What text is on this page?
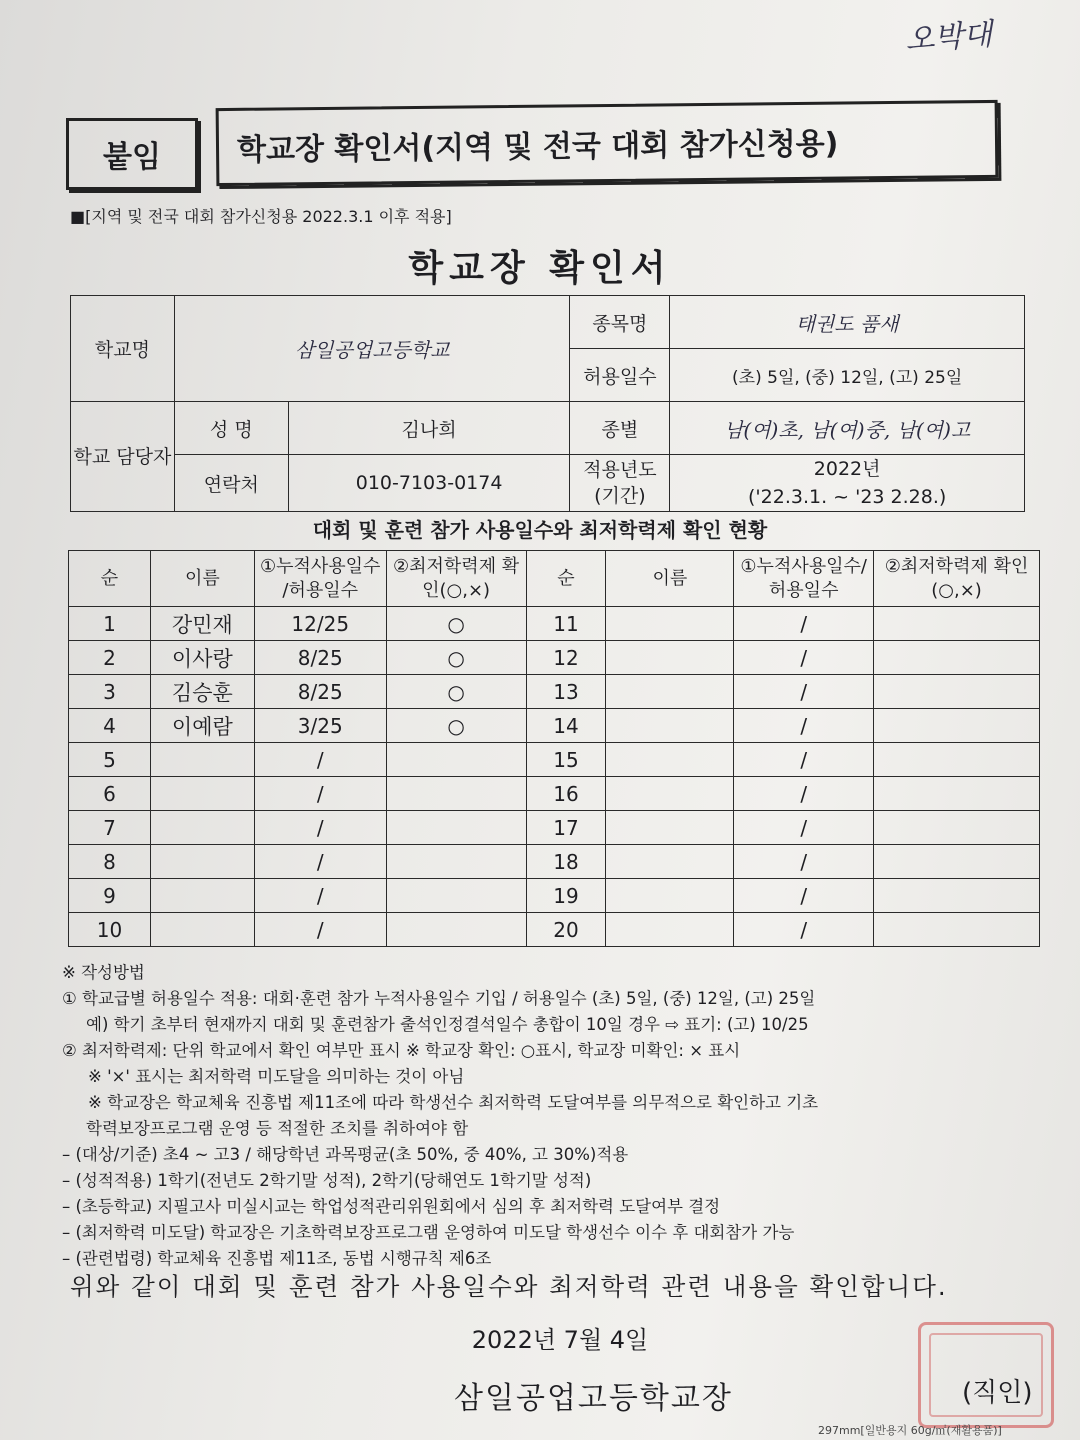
오박대
붙임	학교장 확인서(지역 및 전국 대회 참가신청용)
■[지역 및 전국 대회 참가신청용 2022.3.1 이후 적용]
학교장 확인서
학교명	삼일공업고등학교		종목명	태권도 품새
			허용일수	(초) 5일, (중) 12일, (고) 25일
학교 담당자	성 명	김나희	종별	남(여)초, 남(여)중, 남(여)고
	연락처	010-7103-0174	적용년도 (기간)	2022년
('22.3.1. ~ '23 2.28.)
대회 및 훈련 참가 사용일수와 최저학력제 확인 현황
순	이름	①누적사용일수 /허용일수	②최저학력제 확인(○,×)	순	이름	①누적사용일수/허용일수	②최저학력제 확인(○,×)
1	강민재	12/25	○	11		/	
2	이사랑	8/25	○	12		/	
3	김승훈	8/25	○	13		/	
4	이예람	3/25	○	14		/	
5		/		15		/	
6		/		16		/	
7		/		17		/	
8		/		18		/	
9		/		19		/	
10		/		20		/	
※ 작성방법
① 학교급별 허용일수 적용: 대회·훈련 참가 누적사용일수 기입 / 허용일수 (초) 5일, (중) 12일, (고) 25일
예) 학기 초부터 현재까지 대회 및 훈련참가 출석인정결석일수 총합이 10일 경우 ⇨ 표기: (고) 10/25
② 최저학력제: 단위 학교에서 확인 여부만 표시 ※ 학교장 확인: ○표시, 학교장 미확인: × 표시
※ '×' 표시는 최저학력 미도달을 의미하는 것이 아님
※ 학교장은 학교체육 진흥법 제11조에 따라 학생선수 최저학력 도달여부를 의무적으로 확인하고 기초
학력보장프로그램 운영 등 적절한 조치를 취하여야 함
– (대상/기준) 초4 ~ 고3 / 해당학년 과목평균(초 50%, 중 40%, 고 30%)적용
– (성적적용) 1학기(전년도 2학기말 성적), 2학기(당해연도 1학기말 성적)
– (초등학교) 지필고사 미실시교는 학업성적관리위원회에서 심의 후 최저학력 도달여부 결정
– (최저학력 미도달) 학교장은 기초학력보장프로그램 운영하여 미도달 학생선수 이수 후 대회참가 가능
– (관련법령) 학교체육 진흥법 제11조, 동법 시행규칙 제6조
위와 같이 대회 및 훈련 참가 사용일수와 최저학력 관련 내용을 확인합니다.
2022년 7월 4일
삼일공업고등학교장	(직인)
297mm[일반용지 60g/㎡(재활용품)]
